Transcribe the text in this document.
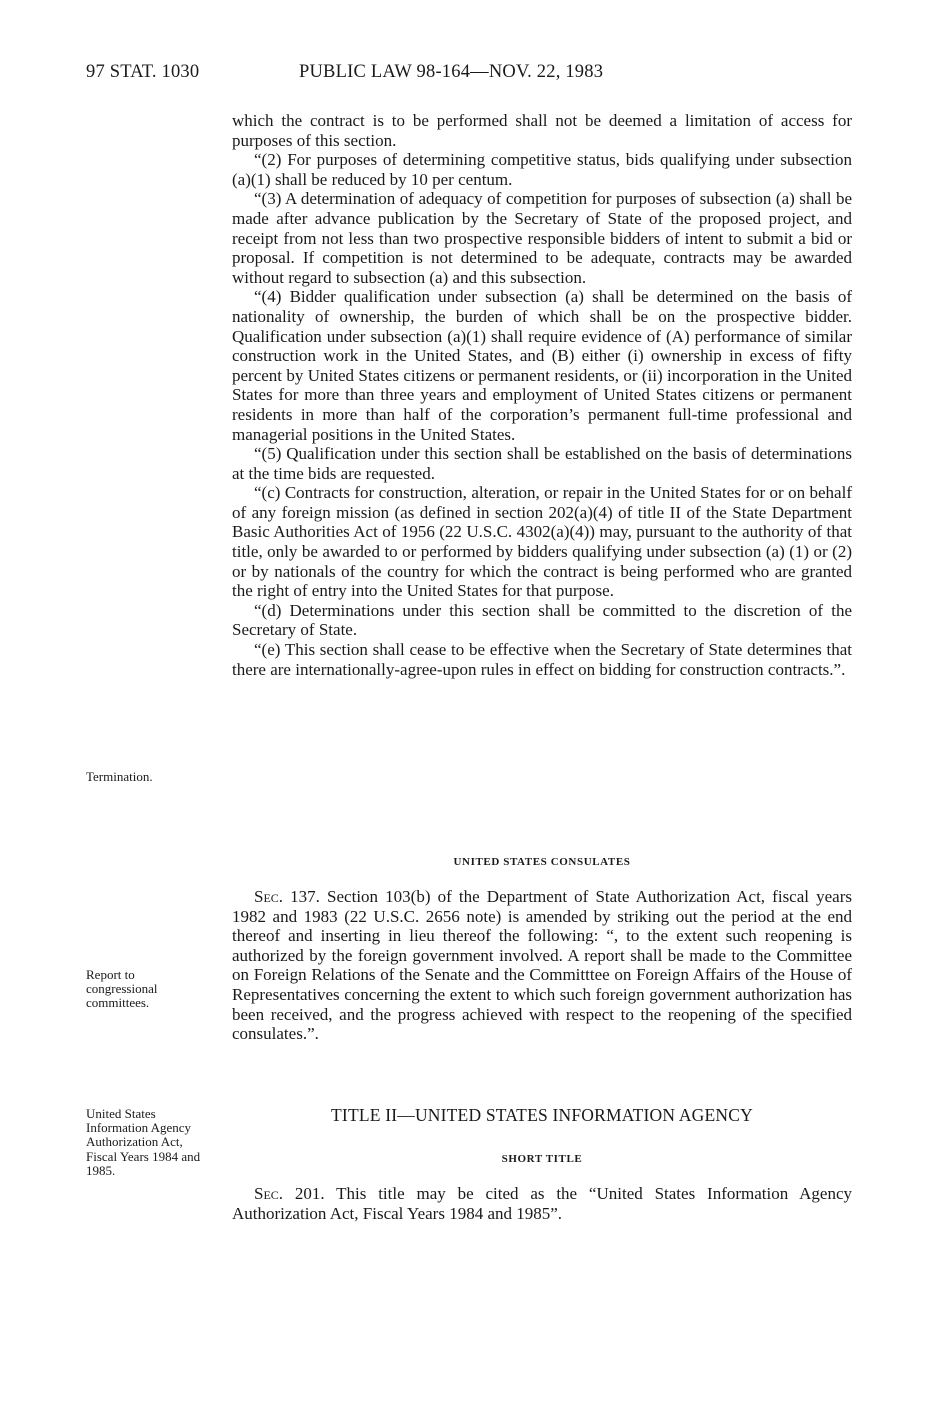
97 STAT. 1030	PUBLIC LAW 98-164—NOV. 22, 1983

which the contract is to be performed shall not be deemed a limitation of access for purposes of this section.

“(2) For purposes of determining competitive status, bids qualifying under subsection (a)(1) shall be reduced by 10 per centum.

“(3) A determination of adequacy of competition for purposes of subsection (a) shall be made after advance publication by the Secretary of State of the proposed project, and receipt from not less than two prospective responsible bidders of intent to submit a bid or proposal. If competition is not determined to be adequate, contracts may be awarded without regard to subsection (a) and this subsection.

“(4) Bidder qualification under subsection (a) shall be determined on the basis of nationality of ownership, the burden of which shall be on the prospective bidder. Qualification under subsection (a)(1) shall require evidence of (A) performance of similar construction work in the United States, and (B) either (i) ownership in excess of fifty percent by United States citizens or permanent residents, or (ii) incorporation in the United States for more than three years and employment of United States citizens or permanent residents in more than half of the corporation’s permanent full-time professional and managerial positions in the United States.

“(5) Qualification under this section shall be established on the basis of determinations at the time bids are requested.

“(c) Contracts for construction, alteration, or repair in the United States for or on behalf of any foreign mission (as defined in section 202(a)(4) of title II of the State Department Basic Authorities Act of 1956 (22 U.S.C. 4302(a)(4)) may, pursuant to the authority of that title, only be awarded to or performed by bidders qualifying under subsection (a) (1) or (2) or by nationals of the country for which the contract is being performed who are granted the right of entry into the United States for that purpose.

“(d) Determinations under this section shall be committed to the discretion of the Secretary of State.

“(e) This section shall cease to be effective when the Secretary of State determines that there are internationally-agree-upon rules in effect on bidding for construction contracts.”.

Termination.
UNITED STATES CONSULATES

Sec. 137. Section 103(b) of the Department of State Authorization Act, fiscal years 1982 and 1983 (22 U.S.C. 2656 note) is amended by striking out the period at the end thereof and inserting in lieu thereof the following: “, to the extent such reopening is authorized by the foreign government involved. A report shall be made to the Committee on Foreign Relations of the Senate and the Committtee on Foreign Affairs of the House of Representatives concerning the extent to which such foreign government authorization has been received, and the progress achieved with respect to the reopening of the specified consulates.”.

Report to congressional committees.
TITLE II—UNITED STATES INFORMATION AGENCY
United States Information Agency Authorization Act, Fiscal Years 1984 and 1985.
SHORT TITLE

Sec. 201. This title may be cited as the “United States Information Agency Authorization Act, Fiscal Years 1984 and 1985”.
